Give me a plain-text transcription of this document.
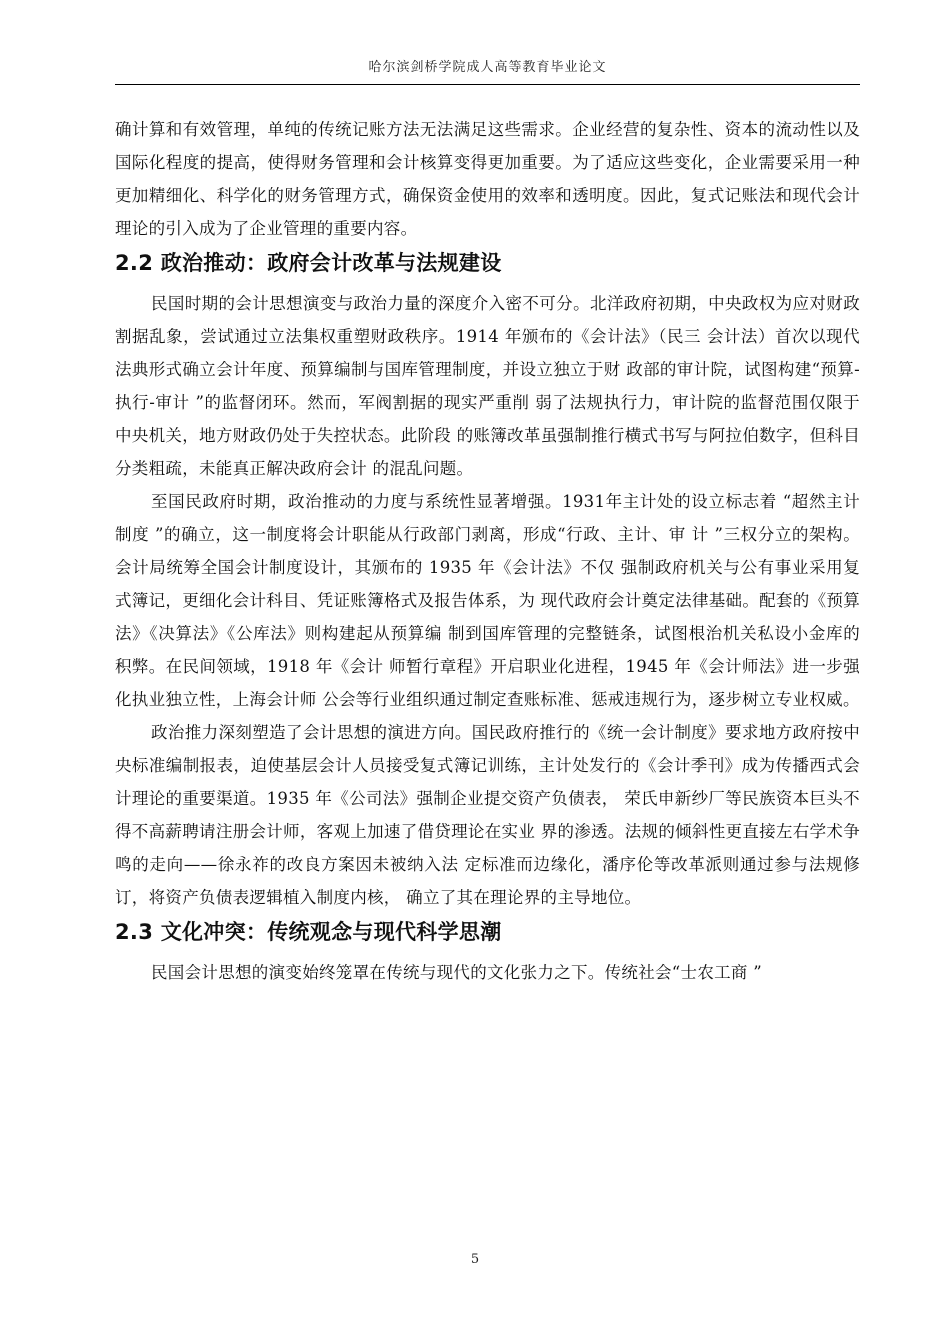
哈尔滨剑桥学院成人高等教育毕业论文

确计算和有效管理，单纯的传统记账方法无法满足这些需求。企业经营的复杂性、资本的流动性以及国际化程度的提高，使得财务管理和会计核算变得更加重要。为了适应这些变化，企业需要采用一种更加精细化、科学化的财务管理方式，确保资金使用的效率和透明度。因此，复式记账法和现代会计理论的引入成为了企业管理的重要内容。

2.2 政治推动：政府会计改革与法规建设

民国时期的会计思想演变与政治力量的深度介入密不可分。北洋政府初期，中央政权为应对财政割据乱象，尝试通过立法集权重塑财政秩序。1914 年颁布的《会计法》（民三 会计法）首次以现代法典形式确立会计年度、预算编制与国库管理制度，并设立独立于财 政部的审计院，试图构建“预算-执行-审计 ”的监督闭环。然而，军阀割据的现实严重削 弱了法规执行力，审计院的监督范围仅限于中央机关，地方财政仍处于失控状态。此阶段 的账簿改革虽强制推行横式书写与阿拉伯数字，但科目分类粗疏，未能真正解决政府会计 的混乱问题。

至国民政府时期，政治推动的力度与系统性显著增强。1931年主计处的设立标志着 “超然主计制度 ”的确立，这一制度将会计职能从行政部门剥离，形成“行政、主计、审 计 ”三权分立的架构。会计局统筹全国会计制度设计，其颁布的 1935 年《会计法》不仅 强制政府机关与公有事业采用复式簿记，更细化会计科目、凭证账簿格式及报告体系，为 现代政府会计奠定法律基础。配套的《预算法》《决算法》《公库法》则构建起从预算编 制到国库管理的完整链条，试图根治机关私设小金库的积弊。在民间领域，1918 年《会计 师暂行章程》开启职业化进程，1945 年《会计师法》进一步强化执业独立性，上海会计师 公会等行业组织通过制定查账标准、惩戒违规行为，逐步树立专业权威。

政治推力深刻塑造了会计思想的演进方向。国民政府推行的《统一会计制度》要求地方政府按中央标准编制报表，迫使基层会计人员接受复式簿记训练，主计处发行的《会计季刊》成为传播西式会计理论的重要渠道。1935 年《公司法》强制企业提交资产负债表， 荣氏申新纱厂等民族资本巨头不得不高薪聘请注册会计师，客观上加速了借贷理论在实业 界的渗透。法规的倾斜性更直接左右学术争鸣的走向——徐永祚的改良方案因未被纳入法 定标准而边缘化，潘序伦等改革派则通过参与法规修订，将资产负债表逻辑植入制度内核， 确立了其在理论界的主导地位。

2.3 文化冲突：传统观念与现代科学思潮

民国会计思想的演变始终笼罩在传统与现代的文化张力之下。传统社会“士农工商 ”

5
